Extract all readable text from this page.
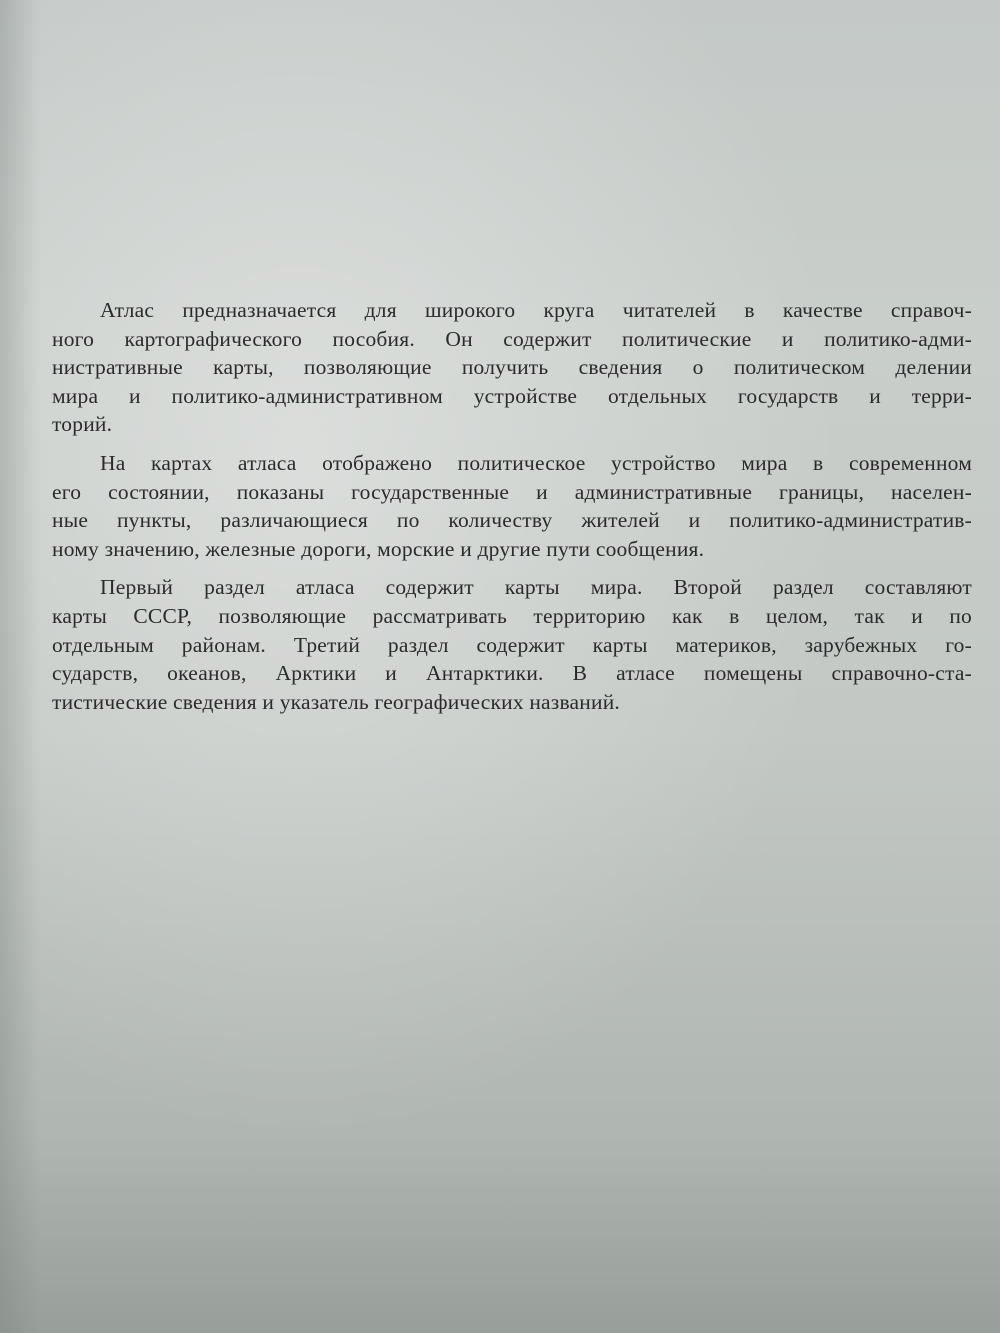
Атлас предназначается для широкого круга читателей в качестве справоч-
ного картографического пособия. Он содержит политические и политико-адми-
нистративные карты, позволяющие получить сведения о политическом делении
мира и политико-административном устройстве отдельных государств и терри-
торий.
На картах атласа отображено политическое устройство мира в современном
его состоянии, показаны государственные и административные границы, населен-
ные пункты, различающиеся по количеству жителей и политико-административ-
ному значению, железные дороги, морские и другие пути сообщения.
Первый раздел атласа содержит карты мира. Второй раздел составляют
карты СССР, позволяющие рассматривать территорию как в целом, так и по
отдельным районам. Третий раздел содержит карты материков, зарубежных го-
сударств, океанов, Арктики и Антарктики. В атласе помещены справочно-ста-
тистические сведения и указатель географических названий.
